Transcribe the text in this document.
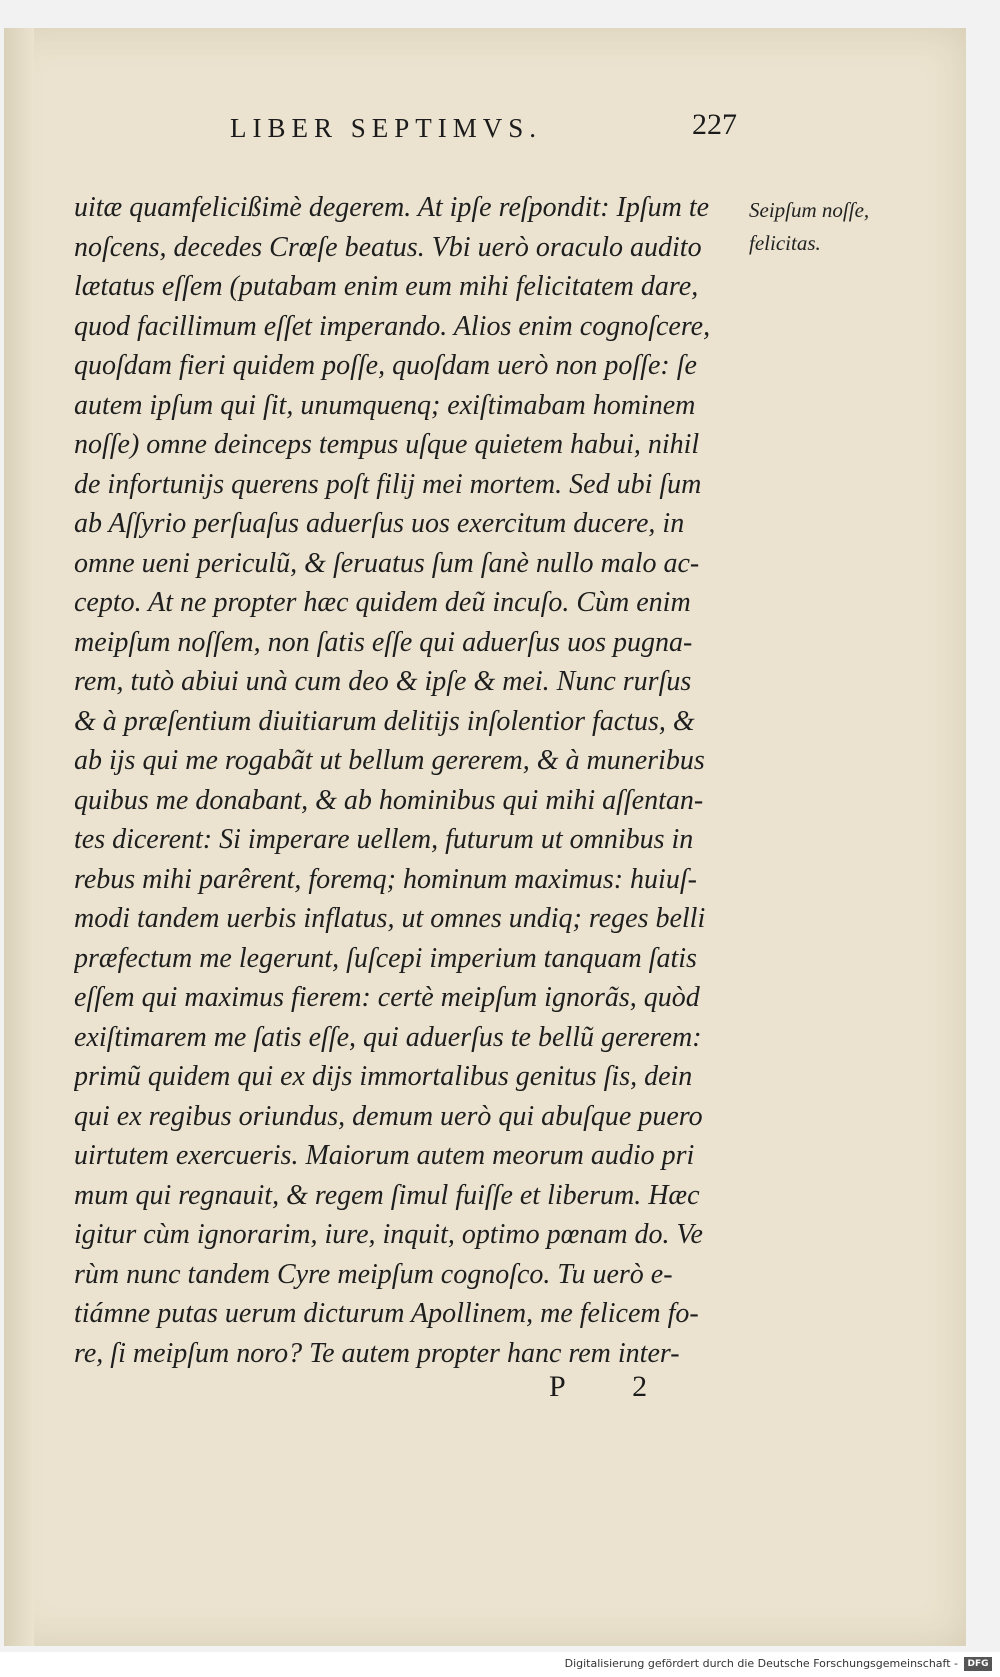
LIBER SEPTIMVS.	227
uitæ quamfelicißimè degerem. At ipſe reſpondit: Ipſum te
noſcens, decedes Crœſe beatus. Vbi uerò oraculo audito
lætatus eſſem (putabam enim eum mihi felicitatem dare,
quod facillimum eſſet imperando. Alios enim cognoſcere,
quoſdam fieri quidem poſſe, quoſdam uerò non poſſe: ſe
autem ipſum qui ſit, unumquenq; exiſtimabam hominem
noſſe) omne deinceps tempus uſque quietem habui, nihil
de infortunijs querens poſt filij mei mortem. Sed ubi ſum
ab Aſſyrio perſuaſus aduerſus uos exercitum ducere, in
omne ueni periculũ, & ſeruatus ſum ſanè nullo malo ac-
cepto. At ne propter hæc quidem deũ incuſo. Cùm enim
meipſum noſſem, non ſatis eſſe qui aduerſus uos pugna-
rem, tutò abiui unà cum deo & ipſe & mei. Nunc rurſus
& à præſentium diuitiarum delitijs inſolentior factus, &
ab ijs qui me rogabãt ut bellum gererem, & à muneribus
quibus me donabant, & ab hominibus qui mihi aſſentan-
tes dicerent: Si imperare uellem, futurum ut omnibus in
rebus mihi parêrent, foremq; hominum maximus: huiuſ-
modi tandem uerbis inflatus, ut omnes undiq; reges belli
præfectum me legerunt, ſuſcepi imperium tanquam ſatis
eſſem qui maximus fierem: certè meipſum ignorãs, quòd
exiſtimarem me ſatis eſſe, qui aduerſus te bellũ gererem:
primũ quidem qui ex dijs immortalibus genitus ſis, dein
qui ex regibus oriundus, demum uerò qui abuſque puero
uirtutem exercueris. Maiorum autem meorum audio pri
mum qui regnauit, & regem ſimul fuiſſe et liberum. Hæc
igitur cùm ignorarim, iure, inquit, optimo pœnam do. Ve
rùm nunc tandem Cyre meipſum cognoſco. Tu uerò e-
tiámne putas uerum dicturum Apollinem, me felicem fo-
re, ſi meipſum noro? Te autem propter hanc rem inter-
Seipſum noſſe,
felicitas.
P 2
Digitalisierung gefördert durch die Deutsche Forschungsgemeinschaft -	DFG
